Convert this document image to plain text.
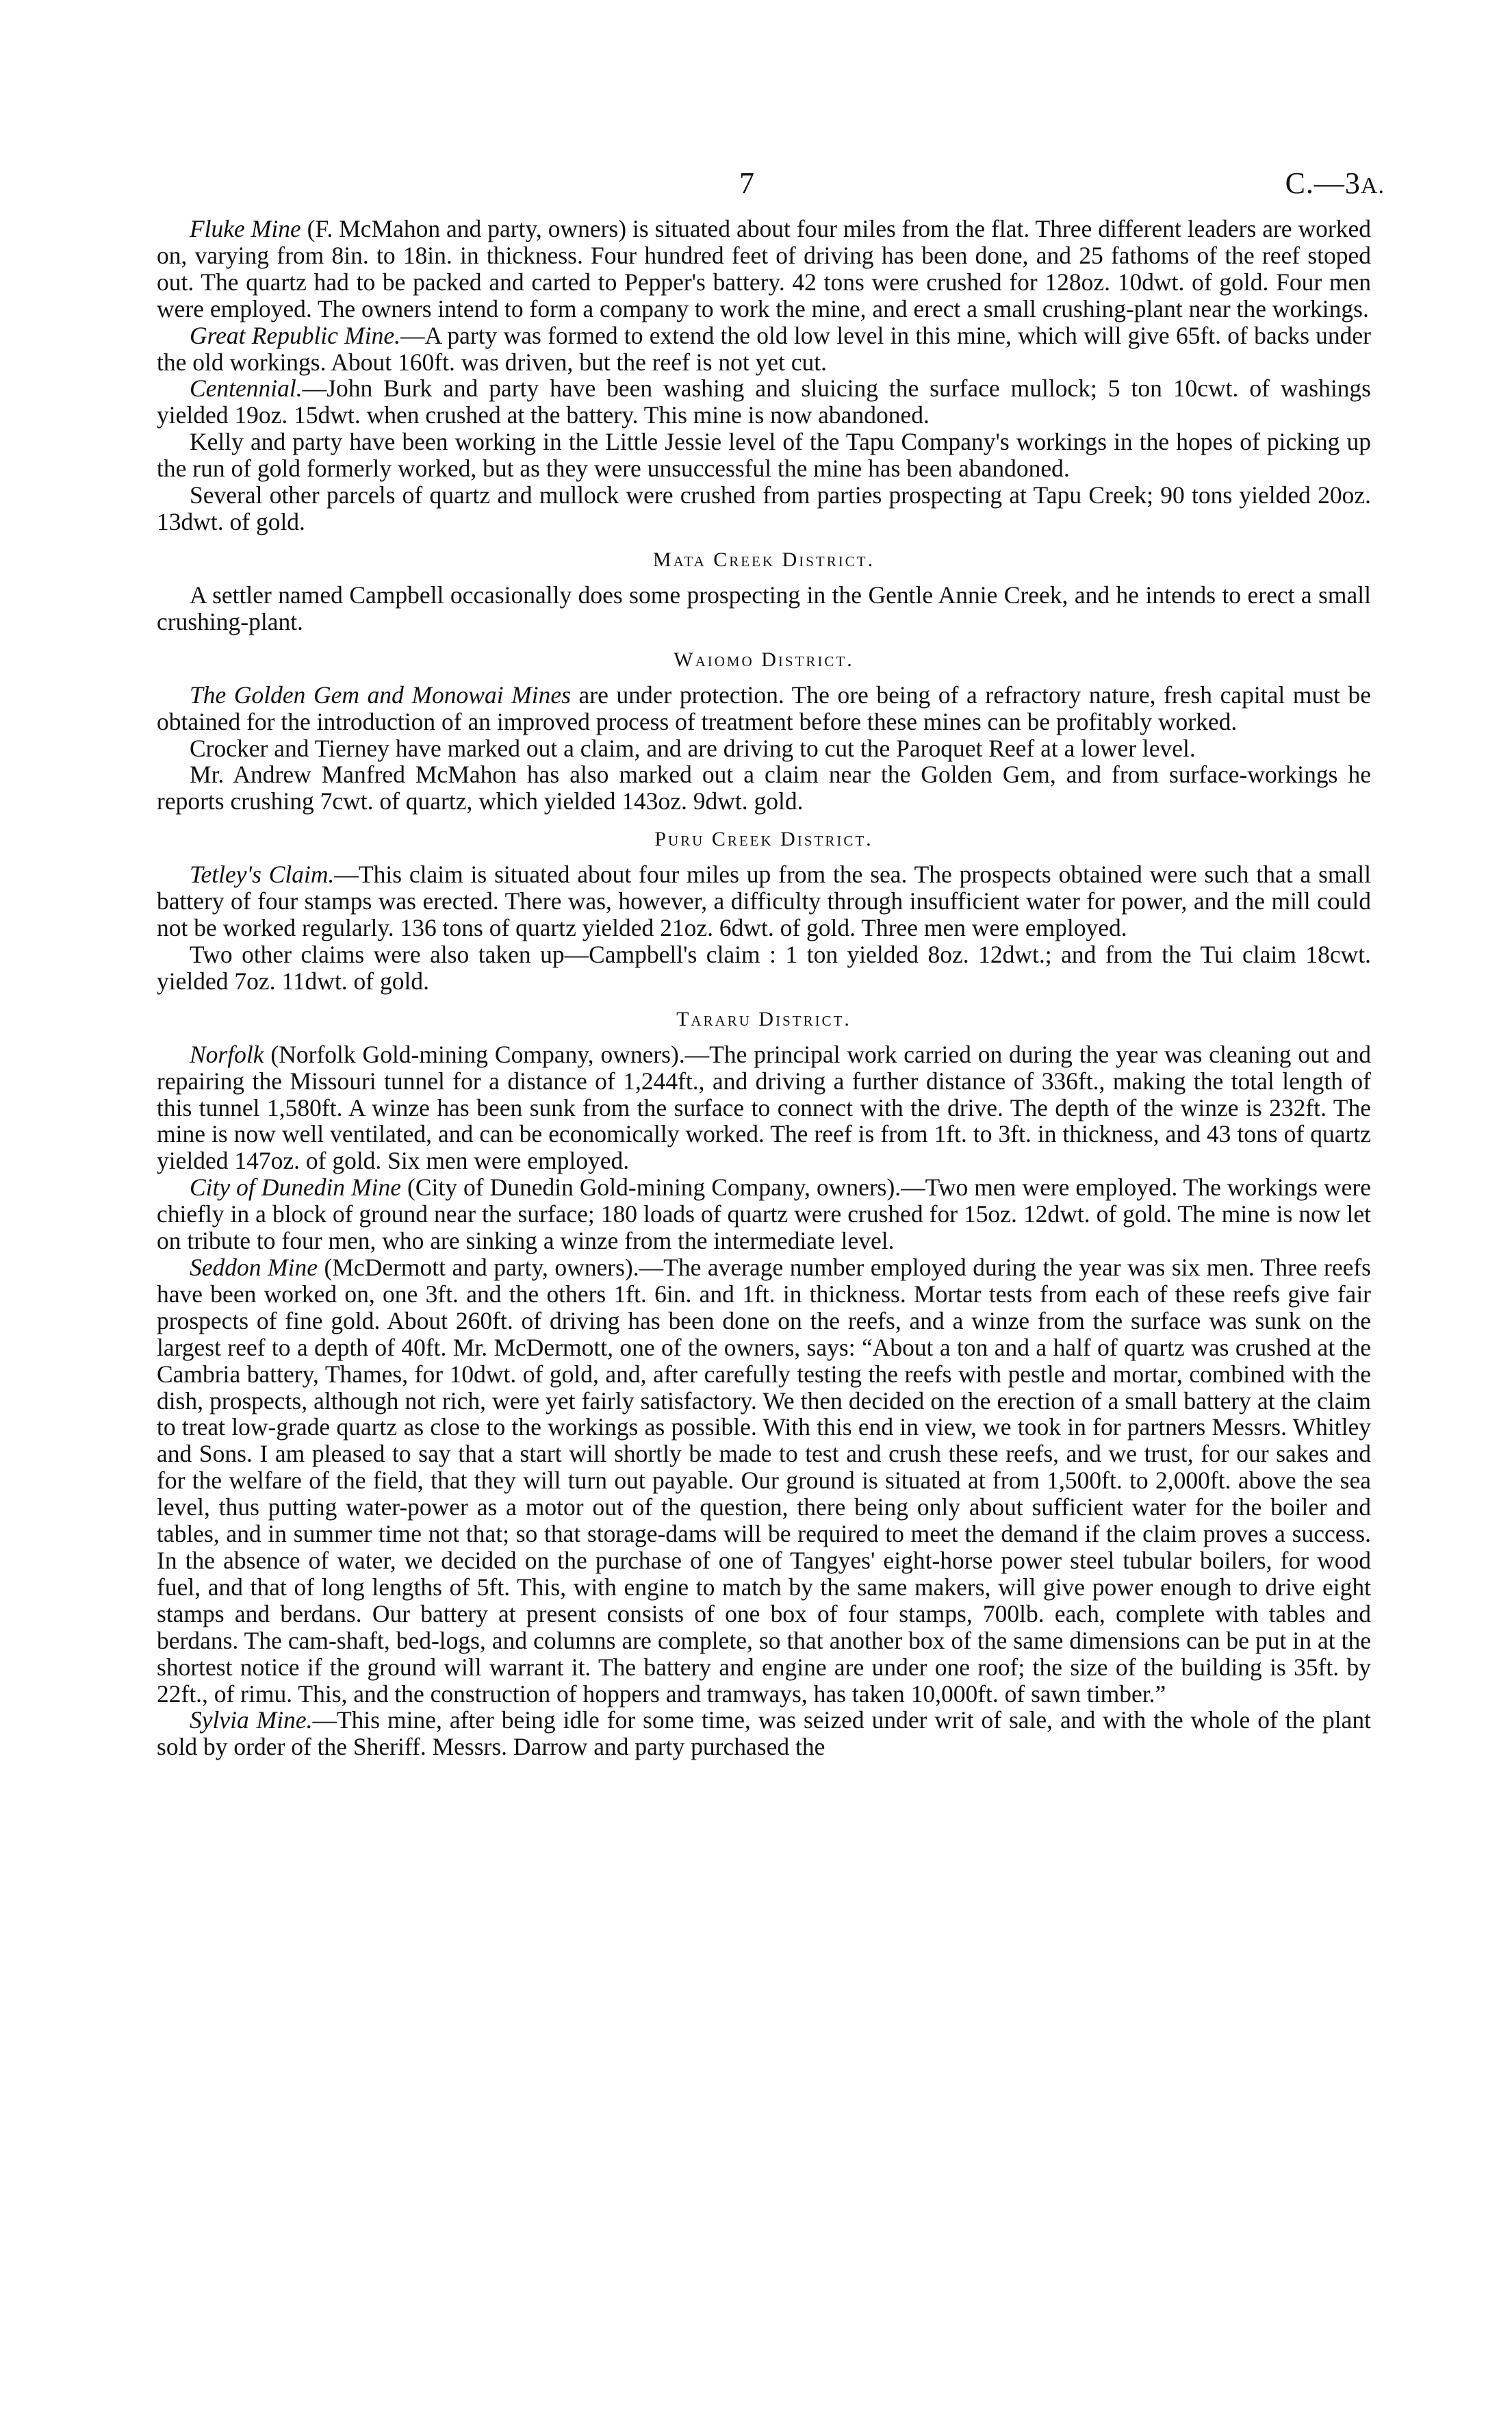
7	C.—3A.

Fluke Mine (F. McMahon and party, owners) is situated about four miles from the flat. Three different leaders are worked on, varying from 8in. to 18in. in thickness. Four hundred feet of driving has been done, and 25 fathoms of the reef stoped out. The quartz had to be packed and carted to Pepper's battery. 42 tons were crushed for 128oz. 10dwt. of gold. Four men were employed. The owners intend to form a company to work the mine, and erect a small crushing-plant near the workings.

Great Republic Mine.—A party was formed to extend the old low level in this mine, which will give 65ft. of backs under the old workings. About 160ft. was driven, but the reef is not yet cut.

Centennial.—John Burk and party have been washing and sluicing the surface mullock; 5 ton 10cwt. of washings yielded 19oz. 15dwt. when crushed at the battery. This mine is now abandoned.

Kelly and party have been working in the Little Jessie level of the Tapu Company's workings in the hopes of picking up the run of gold formerly worked, but as they were unsuccessful the mine has been abandoned.

Several other parcels of quartz and mullock were crushed from parties prospecting at Tapu Creek; 90 tons yielded 20oz. 13dwt. of gold.

Mata Creek District.

A settler named Campbell occasionally does some prospecting in the Gentle Annie Creek, and he intends to erect a small crushing-plant.

Waiomo District.

The Golden Gem and Monowai Mines are under protection. The ore being of a refractory nature, fresh capital must be obtained for the introduction of an improved process of treatment before these mines can be profitably worked.

Crocker and Tierney have marked out a claim, and are driving to cut the Paroquet Reef at a lower level.

Mr. Andrew Manfred McMahon has also marked out a claim near the Golden Gem, and from surface-workings he reports crushing 7cwt. of quartz, which yielded 143oz. 9dwt. gold.

Puru Creek District.

Tetley's Claim.—This claim is situated about four miles up from the sea. The prospects obtained were such that a small battery of four stamps was erected. There was, however, a difficulty through insufficient water for power, and the mill could not be worked regularly. 136 tons of quartz yielded 21oz. 6dwt. of gold. Three men were employed.

Two other claims were also taken up—Campbell's claim : 1 ton yielded 8oz. 12dwt.; and from the Tui claim 18cwt. yielded 7oz. 11dwt. of gold.

Tararu District.

Norfolk (Norfolk Gold-mining Company, owners).—The principal work carried on during the year was cleaning out and repairing the Missouri tunnel for a distance of 1,244ft., and driving a further distance of 336ft., making the total length of this tunnel 1,580ft. A winze has been sunk from the surface to connect with the drive. The depth of the winze is 232ft. The mine is now well ventilated, and can be economically worked. The reef is from 1ft. to 3ft. in thickness, and 43 tons of quartz yielded 147oz. of gold. Six men were employed.

City of Dunedin Mine (City of Dunedin Gold-mining Company, owners).—Two men were employed. The workings were chiefly in a block of ground near the surface; 180 loads of quartz were crushed for 15oz. 12dwt. of gold. The mine is now let on tribute to four men, who are sinking a winze from the intermediate level.

Seddon Mine (McDermott and party, owners).—The average number employed during the year was six men. Three reefs have been worked on, one 3ft. and the others 1ft. 6in. and 1ft. in thickness. Mortar tests from each of these reefs give fair prospects of fine gold. About 260ft. of driving has been done on the reefs, and a winze from the surface was sunk on the largest reef to a depth of 40ft. Mr. McDermott, one of the owners, says: “About a ton and a half of quartz was crushed at the Cambria battery, Thames, for 10dwt. of gold, and, after carefully testing the reefs with pestle and mortar, combined with the dish, prospects, although not rich, were yet fairly satisfactory. We then decided on the erection of a small battery at the claim to treat low-grade quartz as close to the workings as possible. With this end in view, we took in for partners Messrs. Whitley and Sons. I am pleased to say that a start will shortly be made to test and crush these reefs, and we trust, for our sakes and for the welfare of the field, that they will turn out payable. Our ground is situated at from 1,500ft. to 2,000ft. above the sea level, thus putting water-power as a motor out of the question, there being only about sufficient water for the boiler and tables, and in summer time not that; so that storage-dams will be required to meet the demand if the claim proves a success. In the absence of water, we decided on the purchase of one of Tangyes' eight-horse power steel tubular boilers, for wood fuel, and that of long lengths of 5ft. This, with engine to match by the same makers, will give power enough to drive eight stamps and berdans. Our battery at present consists of one box of four stamps, 700lb. each, complete with tables and berdans. The cam-shaft, bed-logs, and columns are complete, so that another box of the same dimensions can be put in at the shortest notice if the ground will warrant it. The battery and engine are under one roof; the size of the building is 35ft. by 22ft., of rimu. This, and the construction of hoppers and tramways, has taken 10,000ft. of sawn timber.”

Sylvia Mine.—This mine, after being idle for some time, was seized under writ of sale, and with the whole of the plant sold by order of the Sheriff. Messrs. Darrow and party purchased the
